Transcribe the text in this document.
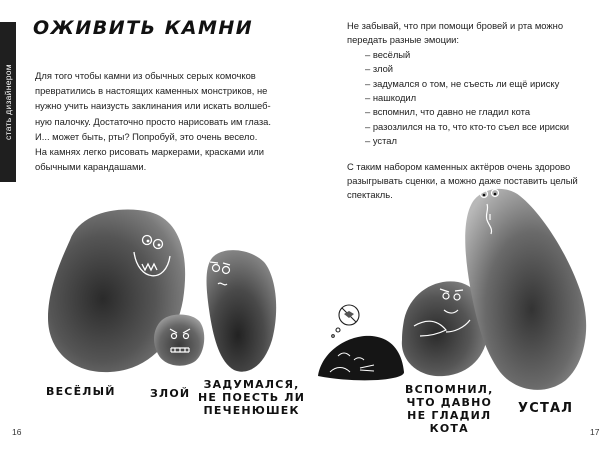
стать дизайнером
ОЖИВИТЬ КАМНИ

Для того чтобы камни из обычных серых комочков

превратились в настоящих каменных монстриков, не

нужно учить наизусть заклинания или искать волшеб-

ную палочку. Достаточно просто нарисовать им глаза.

И... может быть, рты? Попробуй, это очень весело.

На камнях легко рисовать маркерами, красками или

обычными карандашами.

16

Не забывай, что при помощи бровей и рта можно

передать разные эмоции:

– весёлый
– злой
– задумался о том, не съесть ли ещё ириску
– нашкодил
– вспомнил, что давно не гладил кота
– разозлился на то, что кто-то съел все ириски
– устал

С таким набором каменных актёров очень здорово

разыгрывать сценки, а можно даже поставить целый

спектакль.

17
ВЕСЁЛЫЙ	ЗЛОЙ
ЗАДУМАЛСЯ,
НЕ ПОЕСТЬ ЛИ
ПЕЧЕНЮШЕК
ВСПОМНИЛ,
ЧТО ДАВНО
НЕ ГЛАДИЛ
КОТА
УСТАЛ
